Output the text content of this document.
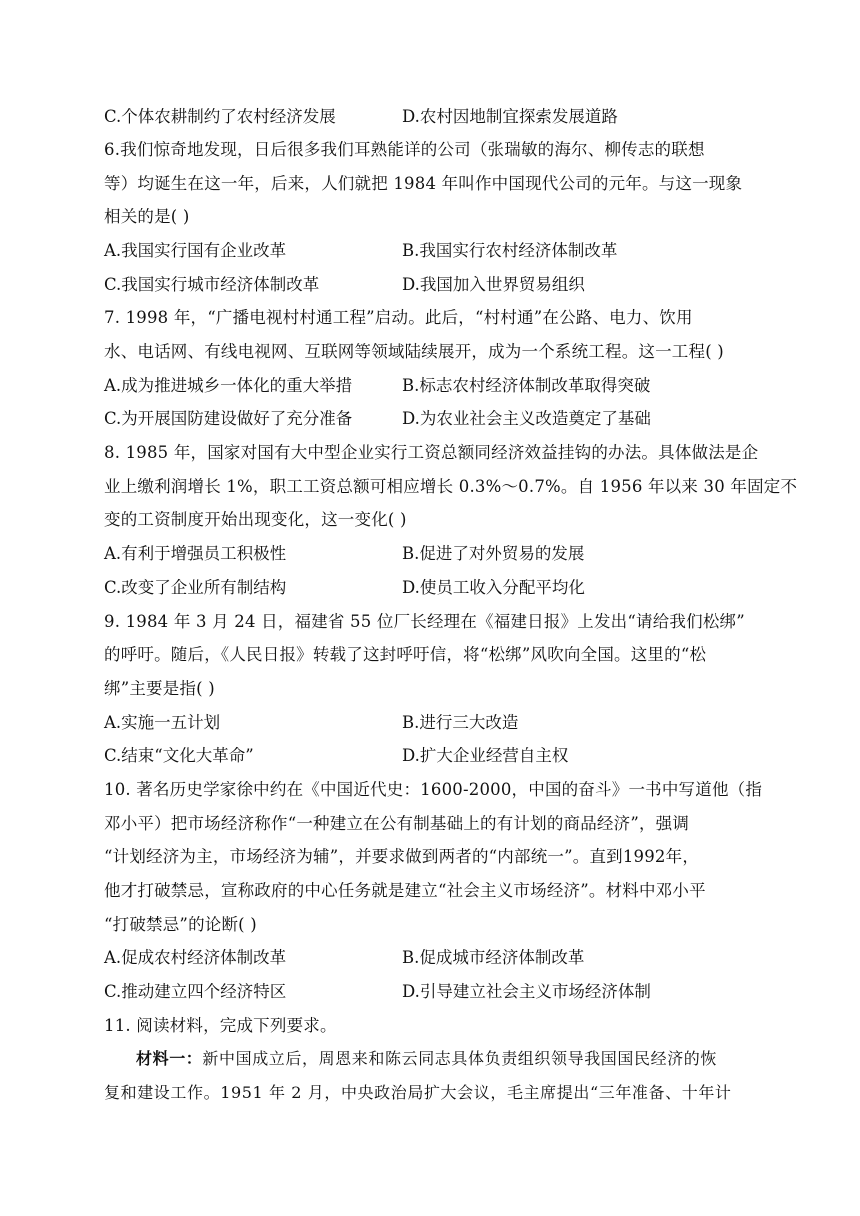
C.个体农耕制约了农村经济发展	D.农村因地制宜探索发展道路
6.我们惊奇地发现，日后很多我们耳熟能详的公司（张瑞敏的海尔、柳传志的联想
等）均诞生在这一年，后来，人们就把 1984 年叫作中国现代公司的元年。与这一现象
相关的是( )
A.我国实行国有企业改革	B.我国实行农村经济体制改革
C.我国实行城市经济体制改革	D.我国加入世界贸易组织
7. 1998 年，“广播电视村村通工程”启动。此后，“村村通”在公路、电力、饮用
水、电话网、有线电视网、互联网等领域陆续展开，成为一个系统工程。这一工程( )
A.成为推进城乡一体化的重大举措	B.标志农村经济体制改革取得突破
C.为开展国防建设做好了充分准备	D.为农业社会主义改造奠定了基础
8. 1985 年，国家对国有大中型企业实行工资总额同经济效益挂钩的办法。具体做法是企
业上缴利润增长 1%，职工工资总额可相应增长 0.3%～0.7%。自 1956 年以来 30 年固定不
变的工资制度开始出现变化，这一变化( )
A.有利于增强员工积极性	B.促进了对外贸易的发展
C.改变了企业所有制结构	D.使员工收入分配平均化
9. 1984 年 3 月 24 日，福建省 55 位厂长经理在《福建日报》上发出“请给我们松绑”
的呼吁。随后，《人民日报》转载了这封呼吁信，将“松绑”风吹向全国。这里的“松
绑”主要是指( )
A.实施一五计划	B.进行三大改造
C.结束“文化大革命”	D.扩大企业经营自主权
10. 著名历史学家徐中约在《中国近代史：1600-2000，中国的奋斗》一书中写道他（指
邓小平）把市场经济称作“一种建立在公有制基础上的有计划的商品经济”，强调
“计划经济为主，市场经济为辅”，并要求做到两者的“内部统一”。直到1992年，
他才打破禁忌，宣称政府的中心任务就是建立“社会主义市场经济”。材料中邓小平
“打破禁忌”的论断( )
A.促成农村经济体制改革	B.促成城市经济体制改革
C.推动建立四个经济特区	D.引导建立社会主义市场经济体制
11. 阅读材料，完成下列要求。
材料一：新中国成立后，周恩来和陈云同志具体负责组织领导我国国民经济的恢
复和建设工作。1951 年 2 月，中央政治局扩大会议，毛主席提出“三年准备、十年计
